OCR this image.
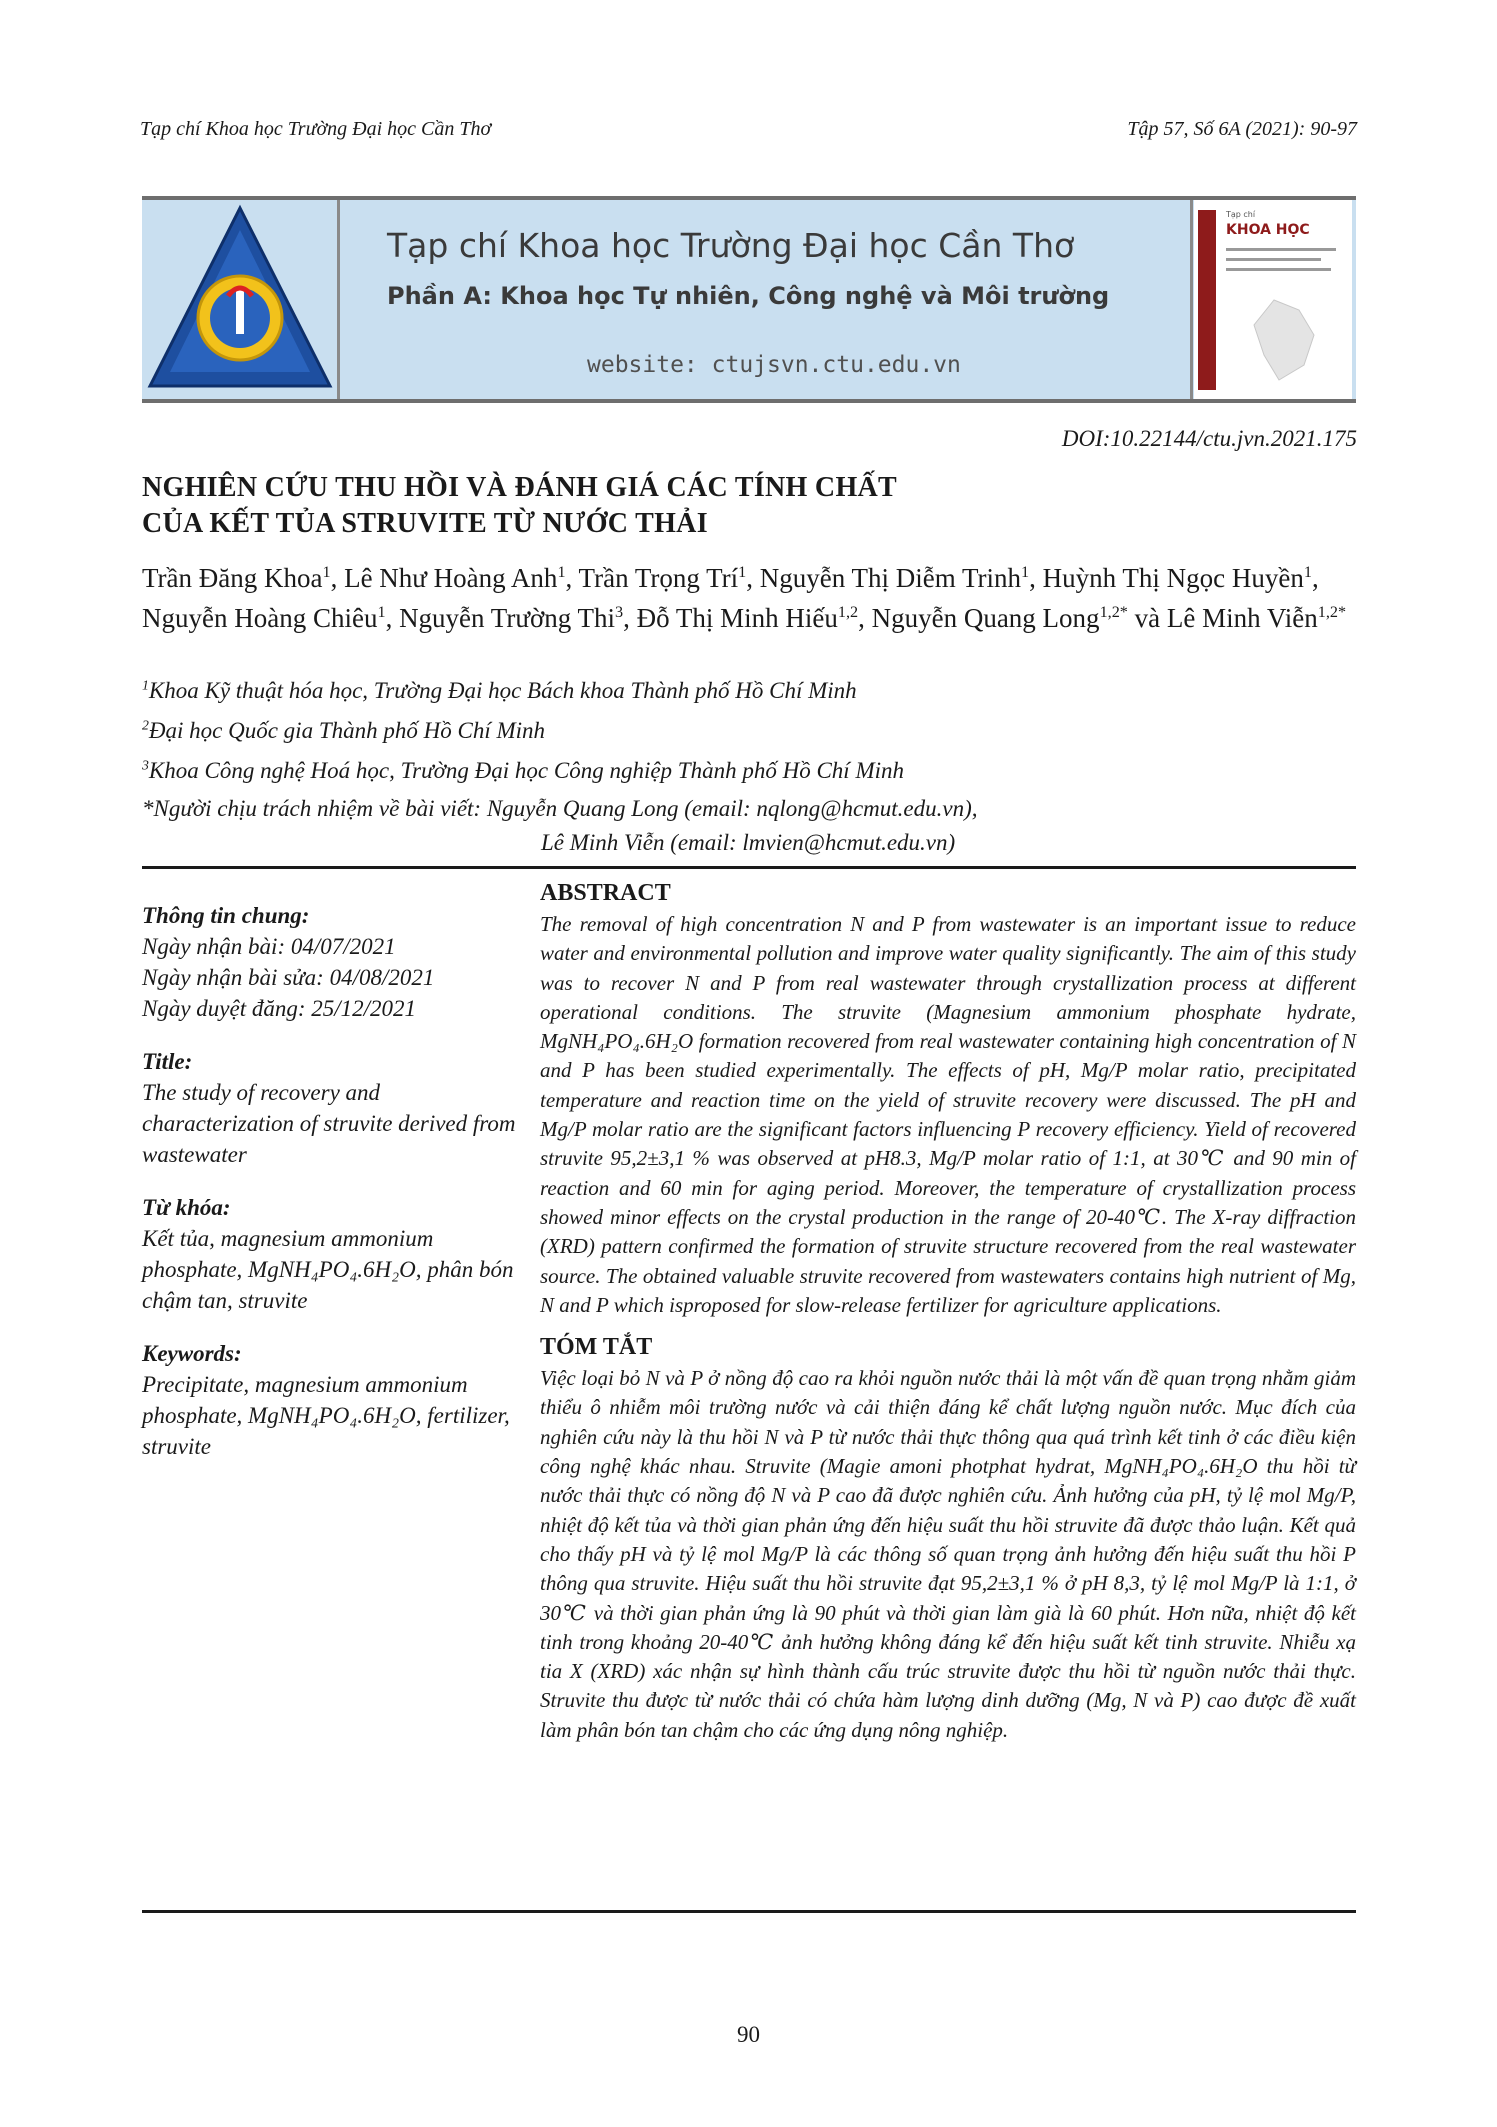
Tạp chí Khoa học Trường Đại học Cần Thơ	Tập 57, Số 6A (2021): 90-97
Tạp chí Khoa học Trường Đại học Cần Thơ
Phần A: Khoa học Tự nhiên, Công nghệ và Môi trường
website: ctujsvn.ctu.edu.vn
Tạp chí
KHOA HỌC
DOI:10.22144/ctu.jvn.2021.175
NGHIÊN CỨU THU HỒI VÀ ĐÁNH GIÁ CÁC TÍNH CHẤT
CỦA KẾT TỦA STRUVITE TỪ NƯỚC THẢI
Trần Đăng Khoa$^1$, Lê Như Hoàng Anh$^1$, Trần Trọng Trí$^1$, Nguyễn Thị Diễm Trinh$^1$, Huỳnh Thị Ngọc Huyền$^1$, Nguyễn Hoàng Chiêu$^1$, Nguyễn Trường Thi$^3$, Đỗ Thị Minh Hiếu$^{1,2}$, Nguyễn Quang Long$^{1,2*}$ và Lê Minh Viễn$^{1,2*}$
$^1$Khoa Kỹ thuật hóa học, Trường Đại học Bách khoa Thành phố Hồ Chí Minh
$^2$Đại học Quốc gia Thành phố Hồ Chí Minh
$^3$Khoa Công nghệ Hoá học, Trường Đại học Công nghiệp Thành phố Hồ Chí Minh
*Người chịu trách nhiệm về bài viết: Nguyễn Quang Long (email: nqlong@hcmut.edu.vn),
Lê Minh Viễn (email: lmvien@hcmut.edu.vn)
Thông tin chung:
Ngày nhận bài: 04/07/2021
Ngày nhận bài sửa: 04/08/2021
Ngày duyệt đăng: 25/12/2021
Title:
The study of recovery and characterization of struvite derived from wastewater
Từ khóa:
Kết tủa, magnesium ammonium phosphate, MgNH₄PO₄.6H₂O, phân bón chậm tan, struvite
Keywords:
Precipitate, magnesium ammonium phosphate, MgNH₄PO₄.6H₂O, fertilizer, struvite
ABSTRACT

The removal of high concentration N and P from wastewater is an important issue to reduce water and environmental pollution and improve water quality significantly. The aim of this study was to recover N and P from real wastewater through crystallization process at different operational conditions. The struvite (Magnesium ammonium phosphate hydrate, MgNH₄PO₄.6H₂O formation recovered from real wastewater containing high concentration of N and P has been studied experimentally. The effects of pH, Mg/P molar ratio, precipitated temperature and reaction time on the yield of struvite recovery were discussed. The pH and Mg/P molar ratio are the significant factors influencing P recovery efficiency. Yield of recovered struvite 95,2±3,1 % was observed at pH8.3, Mg/P molar ratio of 1:1, at 30℃ and 90 min of reaction and 60 min for aging period. Moreover, the temperature of crystallization process showed minor effects on the crystal production in the range of 20-40℃. The X-ray diffraction (XRD) pattern confirmed the formation of struvite structure recovered from the real wastewater source. The obtained valuable struvite recovered from wastewaters contains high nutrient of Mg, N and P which isproposed for slow-release fertilizer for agriculture applications.

TÓM TẮT

Việc loại bỏ N và P ở nồng độ cao ra khỏi nguồn nước thải là một vấn đề quan trọng nhằm giảm thiểu ô nhiễm môi trường nước và cải thiện đáng kể chất lượng nguồn nước. Mục đích của nghiên cứu này là thu hồi N và P từ nước thải thực thông qua quá trình kết tinh ở các điều kiện công nghệ khác nhau. Struvite (Magie amoni photphat hydrat, MgNH₄PO₄.6H₂O thu hồi từ nước thải thực có nồng độ N và P cao đã được nghiên cứu. Ảnh hưởng của pH, tỷ lệ mol Mg/P, nhiệt độ kết tủa và thời gian phản ứng đến hiệu suất thu hồi struvite đã được thảo luận. Kết quả cho thấy pH và tỷ lệ mol Mg/P là các thông số quan trọng ảnh hưởng đến hiệu suất thu hồi P thông qua struvite. Hiệu suất thu hồi struvite đạt 95,2±3,1 % ở pH 8,3, tỷ lệ mol Mg/P là 1:1, ở 30℃ và thời gian phản ứng là 90 phút và thời gian làm già là 60 phút. Hơn nữa, nhiệt độ kết tinh trong khoảng 20-40℃ ảnh hưởng không đáng kể đến hiệu suất kết tinh struvite. Nhiễu xạ tia X (XRD) xác nhận sự hình thành cấu trúc struvite được thu hồi từ nguồn nước thải thực. Struvite thu được từ nước thải có chứa hàm lượng dinh dưỡng (Mg, N và P) cao được đề xuất làm phân bón tan chậm cho các ứng dụng nông nghiệp.

90
